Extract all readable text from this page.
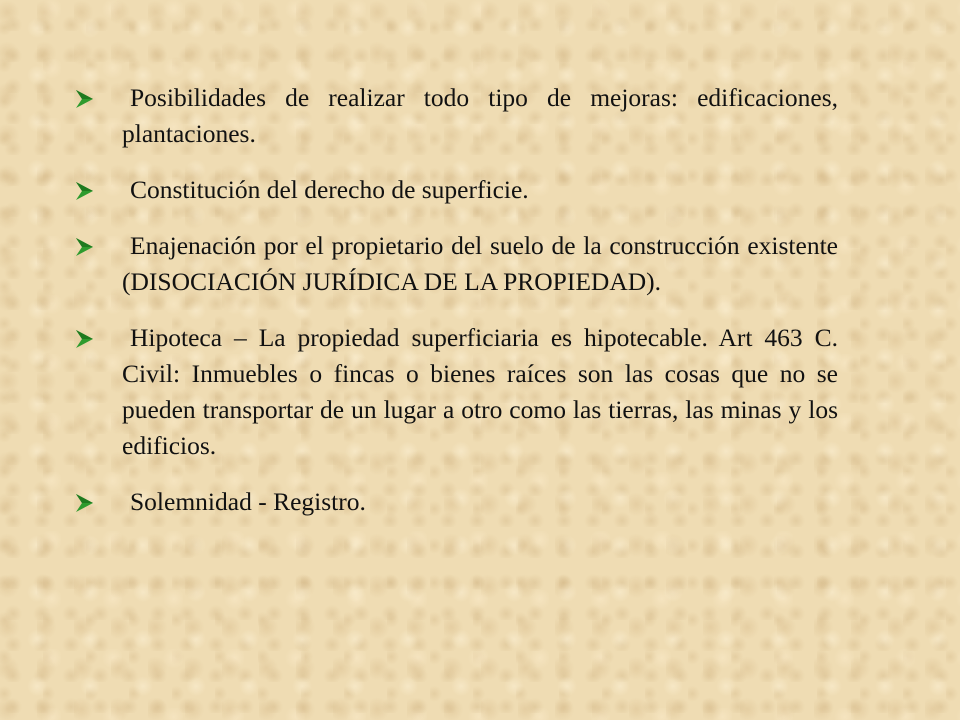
Posibilidades de realizar todo tipo de mejoras: edificaciones, plantaciones.
Constitución del derecho de superficie.
Enajenación por el propietario del suelo de la construcción existente (DISOCIACIÓN JURÍDICA DE LA PROPIEDAD).
Hipoteca – La propiedad superficiaria es hipotecable. Art 463 C. Civil: Inmuebles o fincas o bienes raíces son las cosas que no se pueden transportar de un lugar a otro como las tierras, las minas y los edificios.
Solemnidad - Registro.
